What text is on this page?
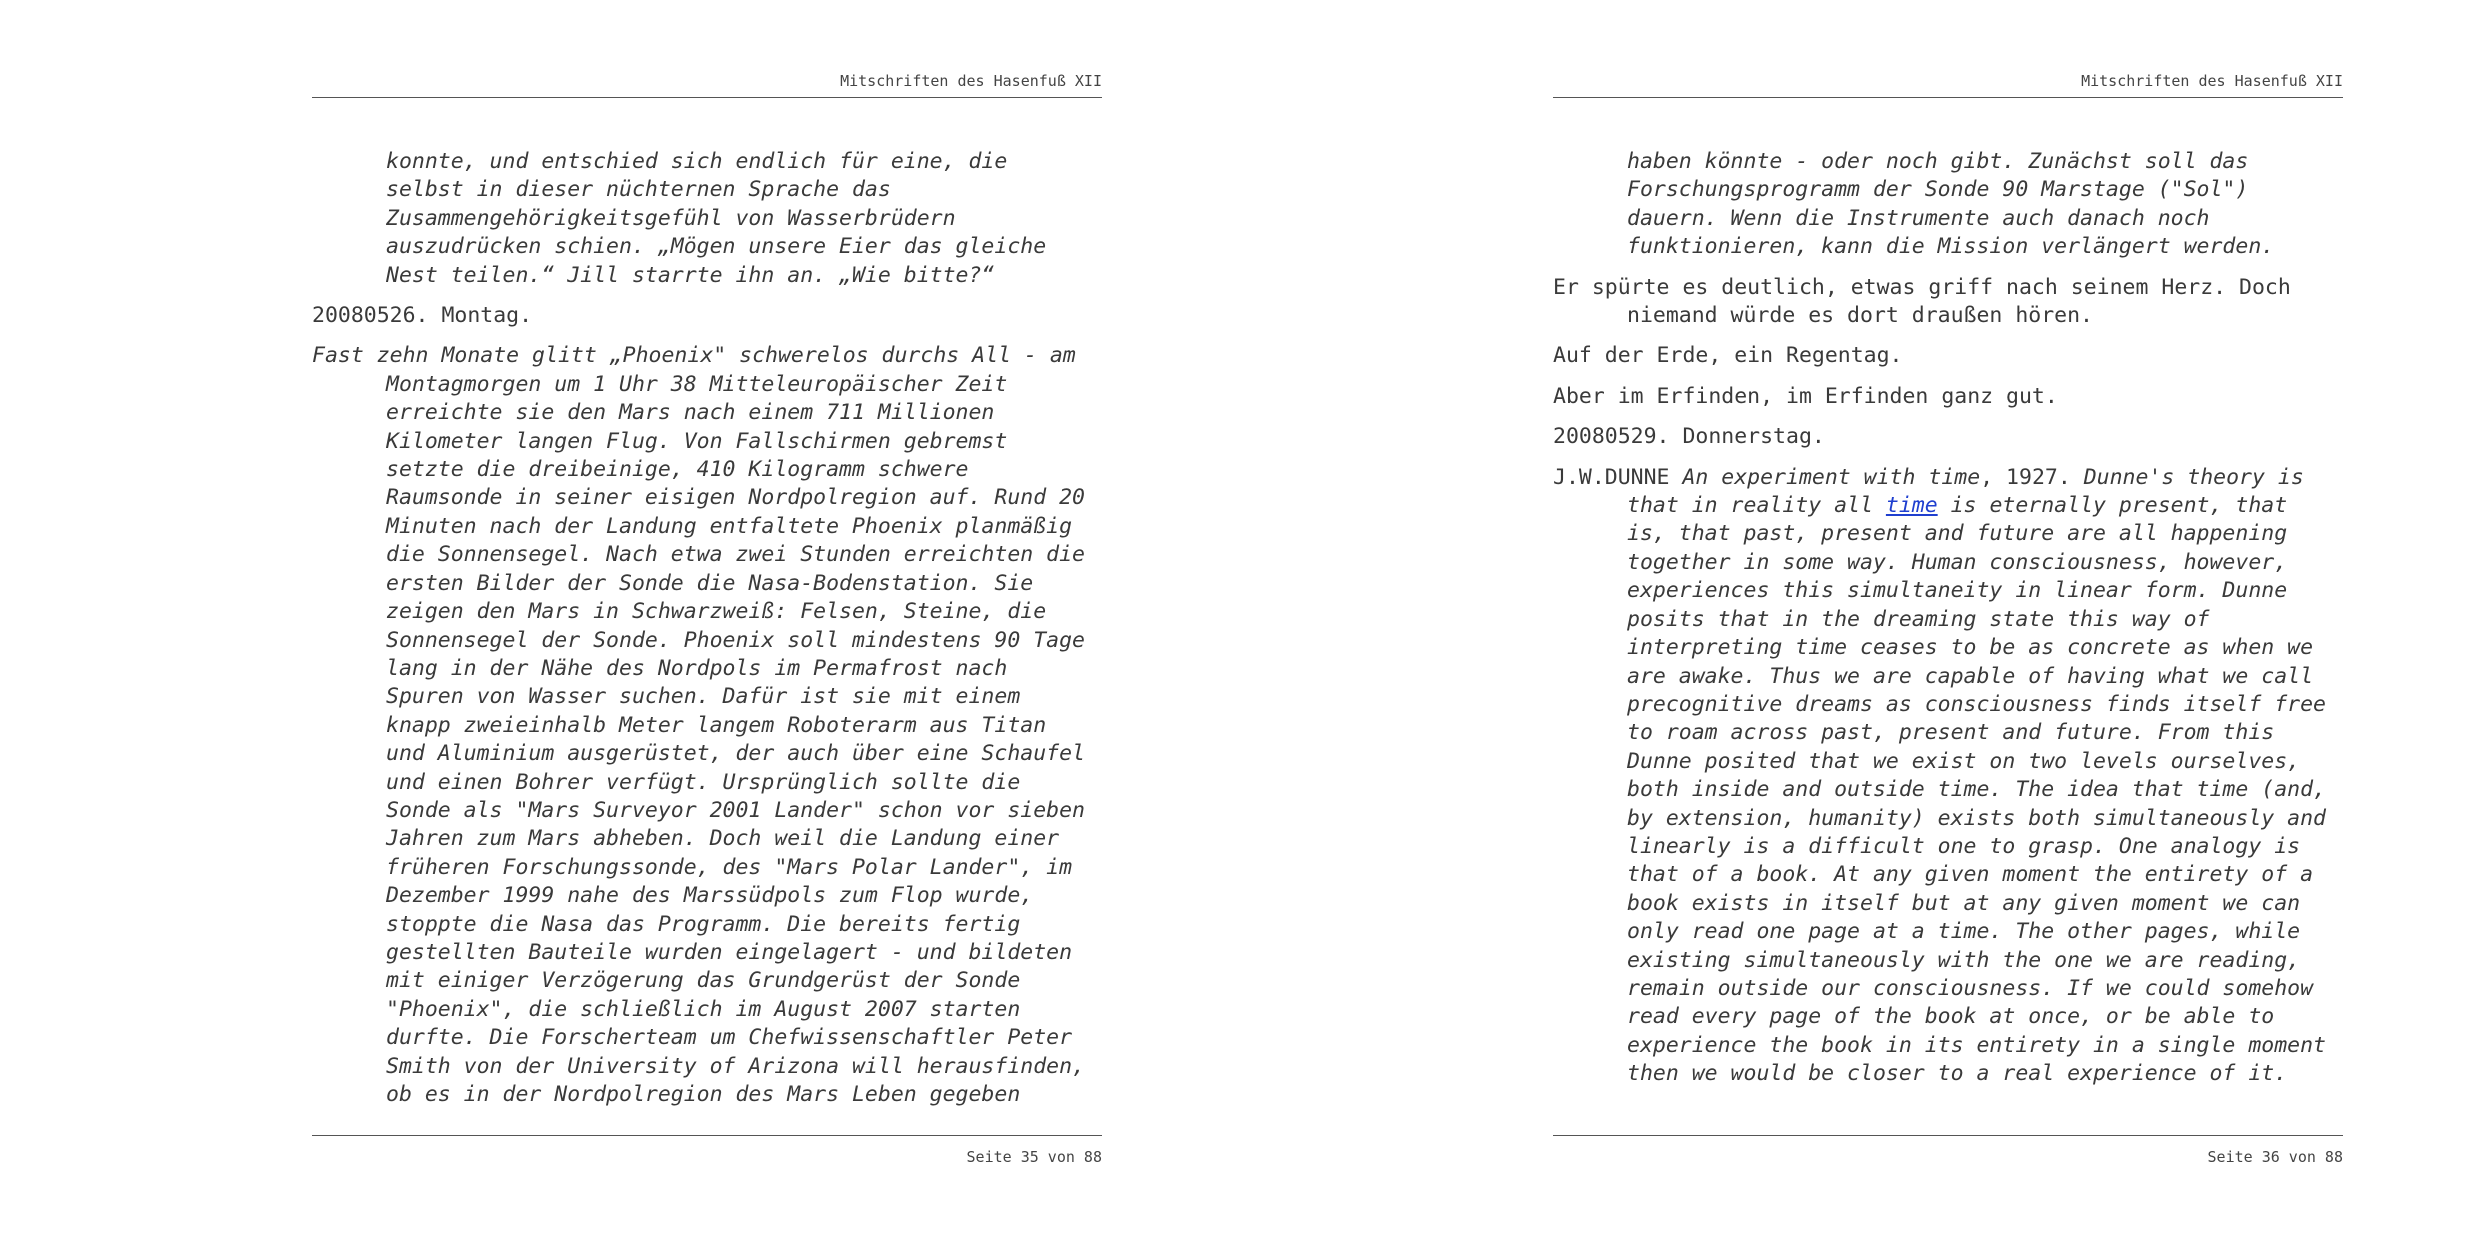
Mitschriften des Hasenfuß XII
konnte, und entschied sich endlich für eine, die
selbst in dieser nüchternen Sprache das
Zusammengehörigkeitsgefühl von Wasserbrüdern
auszudrücken schien. „Mögen unsere Eier das gleiche
Nest teilen.“ Jill starrte ihn an. „Wie bitte?“
20080526. Montag.
Fast zehn Monate glitt „Phoenix" schwerelos durchs All - am
Montagmorgen um 1 Uhr 38 Mitteleuropäischer Zeit
erreichte sie den Mars nach einem 711 Millionen
Kilometer langen Flug. Von Fallschirmen gebremst
setzte die dreibeinige, 410 Kilogramm schwere
Raumsonde in seiner eisigen Nordpolregion auf. Rund 20
Minuten nach der Landung entfaltete Phoenix planmäßig
die Sonnensegel. Nach etwa zwei Stunden erreichten die
ersten Bilder der Sonde die Nasa-Bodenstation. Sie
zeigen den Mars in Schwarzweiß: Felsen, Steine, die
Sonnensegel der Sonde. Phoenix soll mindestens 90 Tage
lang in der Nähe des Nordpols im Permafrost nach
Spuren von Wasser suchen. Dafür ist sie mit einem
knapp zweieinhalb Meter langem Roboterarm aus Titan
und Aluminium ausgerüstet, der auch über eine Schaufel
und einen Bohrer verfügt. Ursprünglich sollte die
Sonde als "Mars Surveyor 2001 Lander" schon vor sieben
Jahren zum Mars abheben. Doch weil die Landung einer
früheren Forschungssonde, des "Mars Polar Lander", im
Dezember 1999 nahe des Marssüdpols zum Flop wurde,
stoppte die Nasa das Programm. Die bereits fertig
gestellten Bauteile wurden eingelagert - und bildeten
mit einiger Verzögerung das Grundgerüst der Sonde
"Phoenix", die schließlich im August 2007 starten
durfte. Die Forscherteam um Chefwissenschaftler Peter
Smith von der University of Arizona will herausfinden,
ob es in der Nordpolregion des Mars Leben gegeben
Seite 35 von 88
Mitschriften des Hasenfuß XII
haben könnte - oder noch gibt. Zunächst soll das
Forschungsprogramm der Sonde 90 Marstage ("Sol")
dauern. Wenn die Instrumente auch danach noch
funktionieren, kann die Mission verlängert werden.
Er spürte es deutlich, etwas griff nach seinem Herz. Doch
niemand würde es dort draußen hören.
Auf der Erde, ein Regentag.
Aber im Erfinden, im Erfinden ganz gut.
20080529. Donnerstag.
J.W.DUNNE An experiment with time, 1927. Dunne's theory is
that in reality all time is eternally present, that
is, that past, present and future are all happening
together in some way. Human consciousness, however,
experiences this simultaneity in linear form. Dunne
posits that in the dreaming state this way of
interpreting time ceases to be as concrete as when we
are awake. Thus we are capable of having what we call
precognitive dreams as consciousness finds itself free
to roam across past, present and future. From this
Dunne posited that we exist on two levels ourselves,
both inside and outside time. The idea that time (and,
by extension, humanity) exists both simultaneously and
linearly is a difficult one to grasp. One analogy is
that of a book. At any given moment the entirety of a
book exists in itself but at any given moment we can
only read one page at a time. The other pages, while
existing simultaneously with the one we are reading,
remain outside our consciousness. If we could somehow
read every page of the book at once, or be able to
experience the book in its entirety in a single moment
then we would be closer to a real experience of it.
Seite 36 von 88
